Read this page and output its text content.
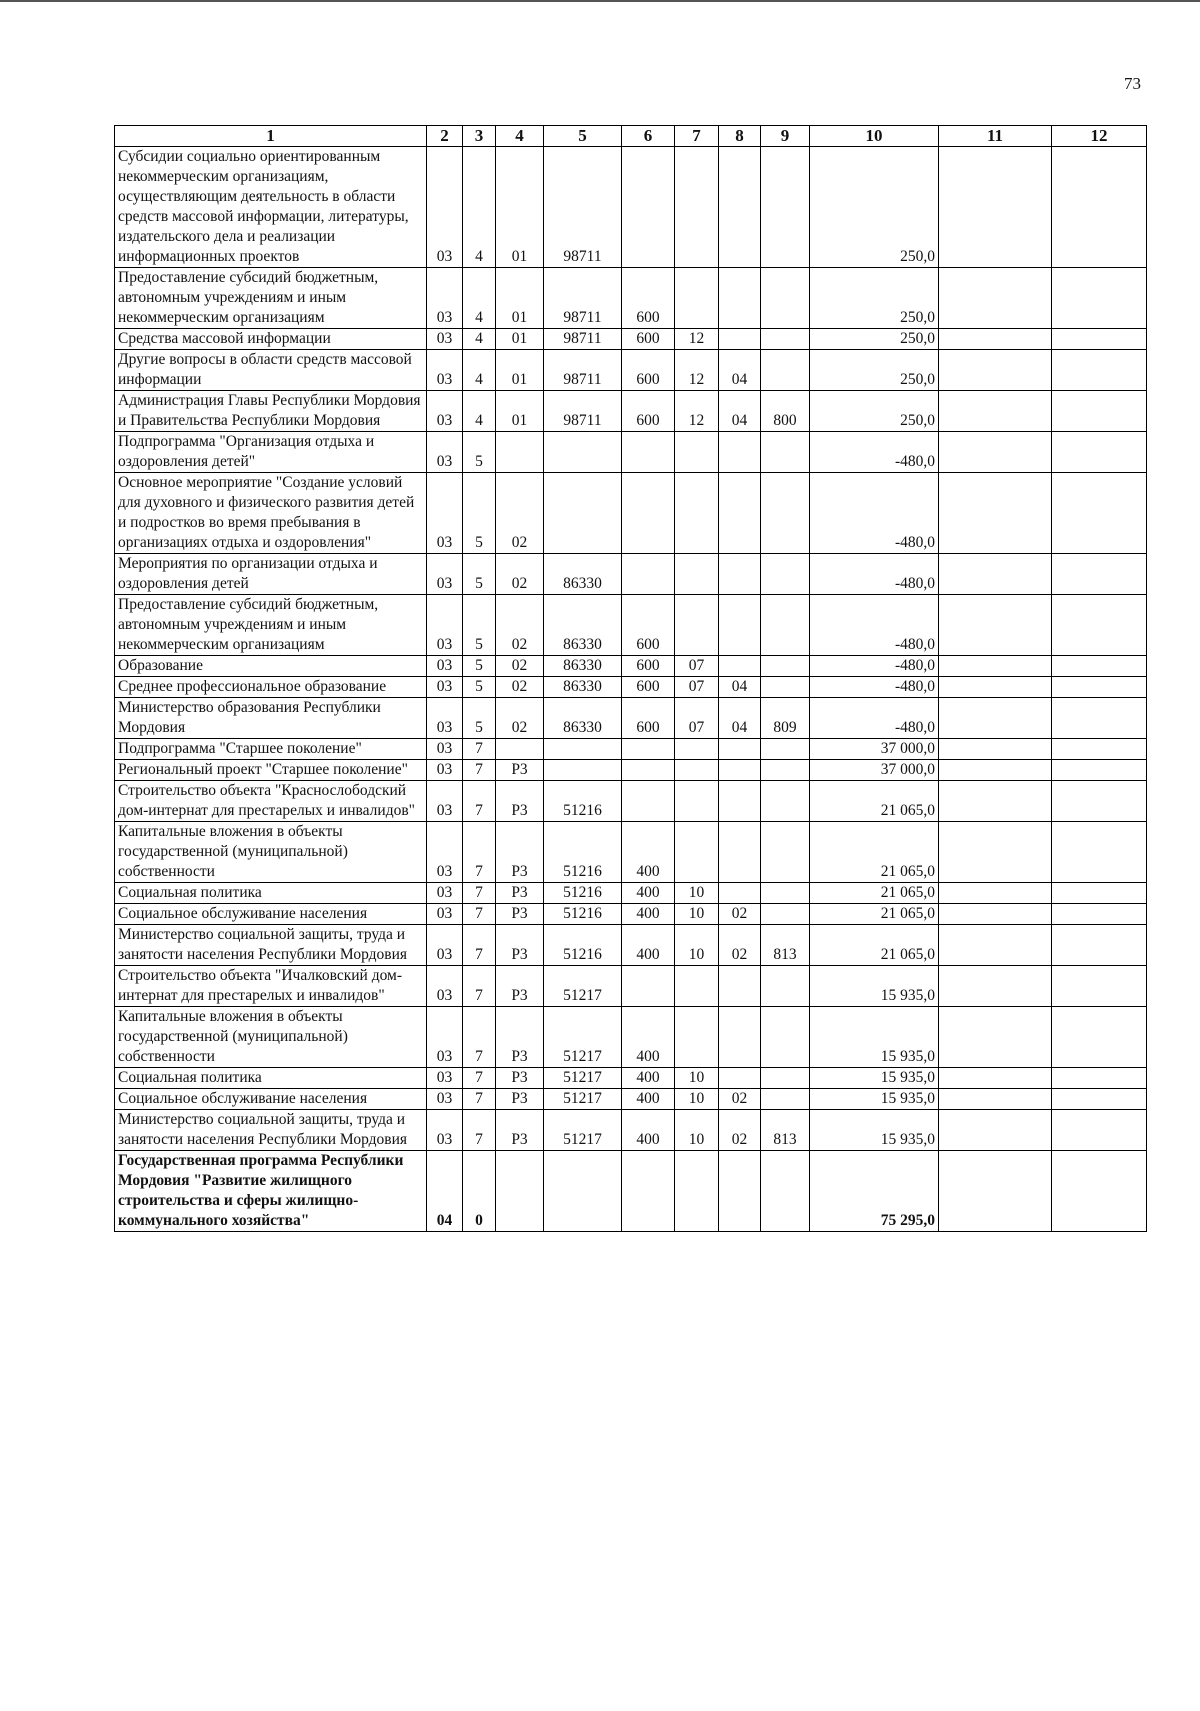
73
1	2	3	4	5	6	7	8	9	10	11	12
Субсидии социально ориентированным некоммерческим организациям, осуществляющим деятельность в области средств массовой информации, литературы, издательского дела и реализации информационных проектов	03	4	01	98711					250,0		
Предоставление субсидий бюджетным, автономным учреждениям и иным некоммерческим организациям	03	4	01	98711	600				250,0		
Средства массовой информации	03	4	01	98711	600	12			250,0		
Другие вопросы в области средств массовой информации	03	4	01	98711	600	12	04		250,0		
Администрация Главы Республики Мордовия и Правительства Республики Мордовия	03	4	01	98711	600	12	04	800	250,0		
Подпрограмма "Организация отдыха и оздоровления детей"	03	5							-480,0		
Основное мероприятие "Создание условий для духовного и физического развития детей и подростков во время пребывания в организациях отдыха и оздоровления"	03	5	02						-480,0		
Мероприятия по организации отдыха и оздоровления детей	03	5	02	86330					-480,0		
Предоставление субсидий бюджетным, автономным учреждениям и иным некоммерческим организациям	03	5	02	86330	600				-480,0		
Образование	03	5	02	86330	600	07			-480,0		
Среднее профессиональное образование	03	5	02	86330	600	07	04		-480,0		
Министерство образования Республики Мордовия	03	5	02	86330	600	07	04	809	-480,0		
Подпрограмма "Старшее поколение"	03	7							37 000,0		
Региональный проект "Старшее поколение"	03	7	P3						37 000,0		
Строительство объекта "Краснослободский дом-интернат для престарелых и инвалидов"	03	7	P3	51216					21 065,0		
Капитальные вложения в объекты государственной (муниципальной) собственности	03	7	P3	51216	400				21 065,0		
Социальная политика	03	7	P3	51216	400	10			21 065,0		
Социальное обслуживание населения	03	7	P3	51216	400	10	02		21 065,0		
Министерство социальной защиты, труда и занятости населения Республики Мордовия	03	7	P3	51216	400	10	02	813	21 065,0		
Строительство объекта "Ичалковский дом-интернат для престарелых и инвалидов"	03	7	P3	51217					15 935,0		
Капитальные вложения в объекты государственной (муниципальной) собственности	03	7	P3	51217	400				15 935,0		
Социальная политика	03	7	P3	51217	400	10			15 935,0		
Социальное обслуживание населения	03	7	P3	51217	400	10	02		15 935,0		
Министерство социальной защиты, труда и занятости населения Республики Мордовия	03	7	P3	51217	400	10	02	813	15 935,0		
Государственная программа Республики Мордовия "Развитие жилищного строительства и сферы жилищно-коммунального хозяйства"	04	0							75 295,0		
